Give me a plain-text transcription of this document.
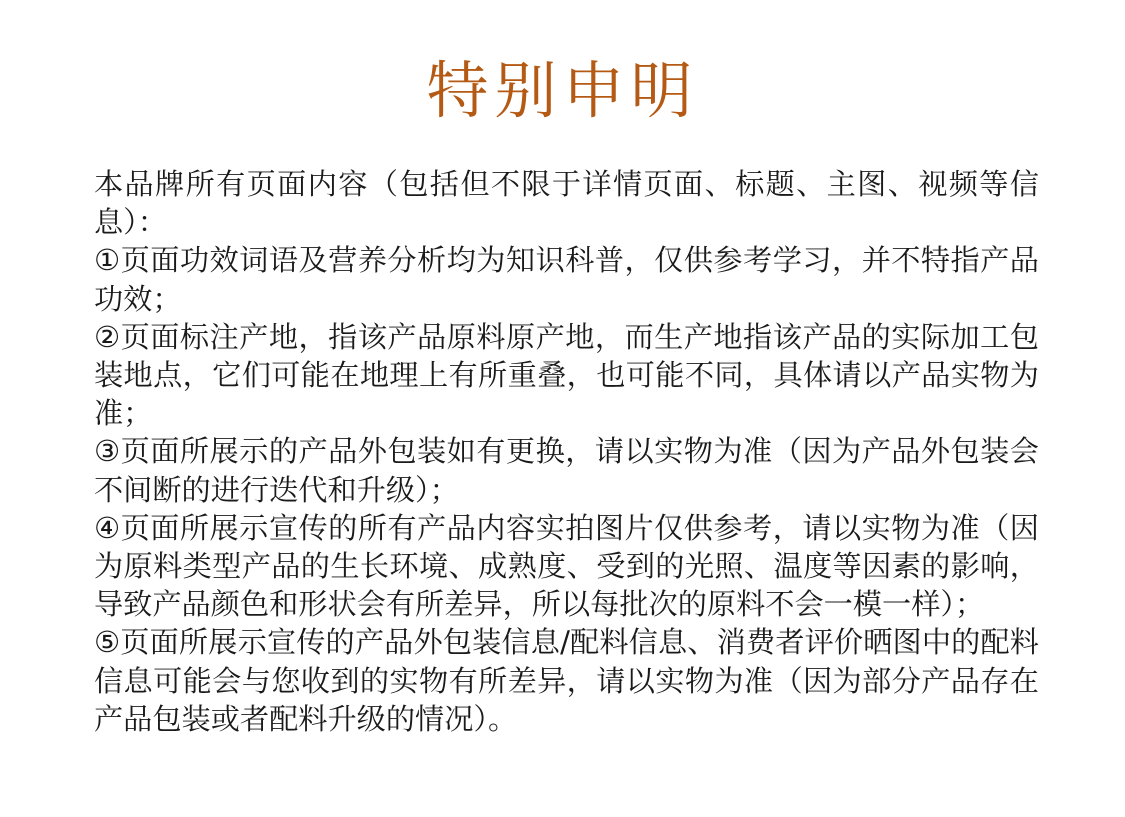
特别申明

本品牌所有页面内容（包括但不限于详情页面、标题、主图、视频等信息）：

①页面功效词语及营养分析均为知识科普，仅供参考学习，并不特指产品功效；

②页面标注产地，指该产品原料原产地，而生产地指该产品的实际加工包装地点，它们可能在地理上有所重叠，也可能不同，具体请以产品实物为准；

③页面所展示的产品外包装如有更换，请以实物为准（因为产品外包装会不间断的进行迭代和升级）；

④页面所展示宣传的所有产品内容实拍图片仅供参考，请以实物为准（因为原料类型产品的生长环境、成熟度、受到的光照、温度等因素的影响，导致产品颜色和形状会有所差异，所以每批次的原料不会一模一样）；

⑤页面所展示宣传的产品外包装信息/配料信息、消费者评价晒图中的配料信息可能会与您收到的实物有所差异，请以实物为准（因为部分产品存在产品包装或者配料升级的情况）。
